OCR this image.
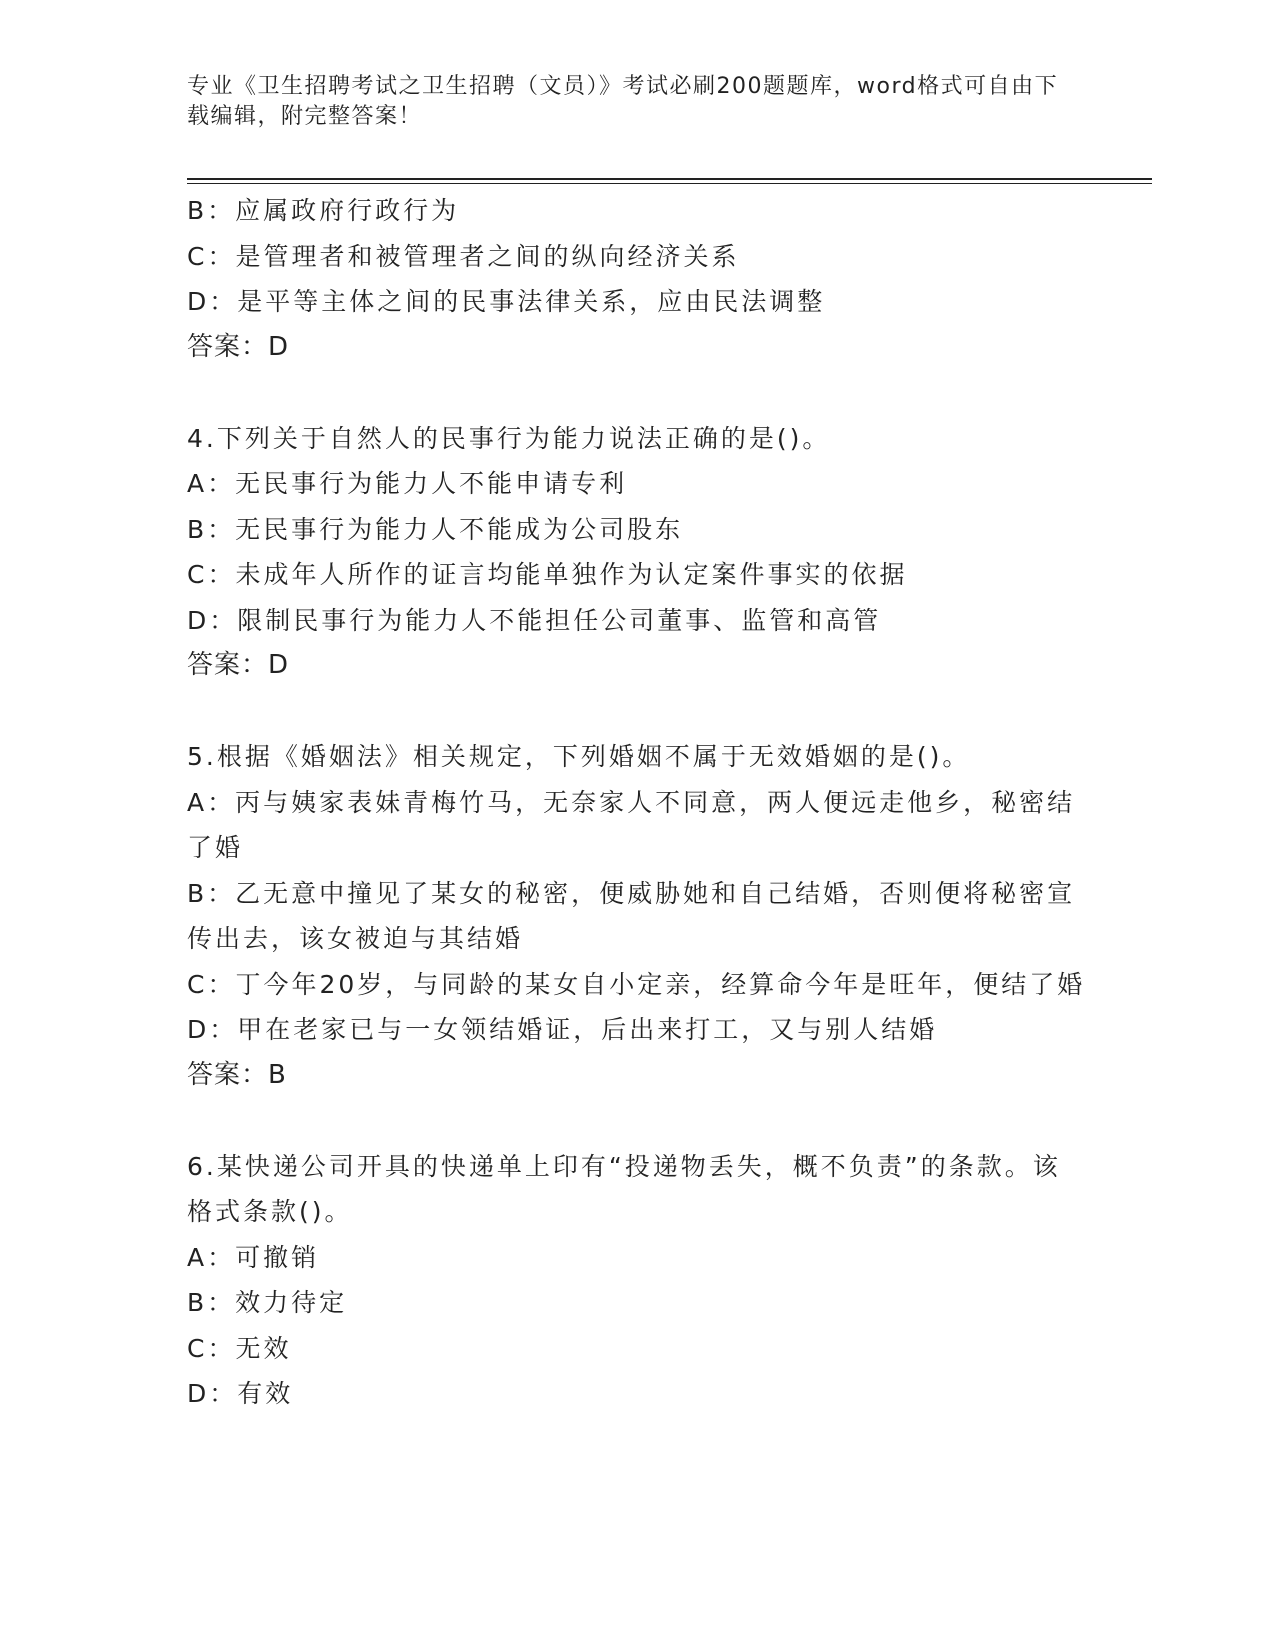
专业《卫生招聘考试之卫生招聘（文员）》考试必刷200题题库，word格式可自由下载编辑，附完整答案！
B：应属政府行政行为
C：是管理者和被管理者之间的纵向经济关系
D：是平等主体之间的民事法律关系，应由民法调整
答案：D
4.下列关于自然人的民事行为能力说法正确的是()。
A：无民事行为能力人不能申请专利
B：无民事行为能力人不能成为公司股东
C：未成年人所作的证言均能单独作为认定案件事实的依据
D：限制民事行为能力人不能担任公司董事、监管和高管
答案：D
5.根据《婚姻法》相关规定，下列婚姻不属于无效婚姻的是()。
A：丙与姨家表妹青梅竹马，无奈家人不同意，两人便远走他乡，秘密结了婚
B：乙无意中撞见了某女的秘密，便威胁她和自己结婚，否则便将秘密宣传出去，该女被迫与其结婚
C：丁今年20岁，与同龄的某女自小定亲，经算命今年是旺年，便结了婚
D：甲在老家已与一女领结婚证，后出来打工，又与别人结婚
答案：B
6.某快递公司开具的快递单上印有“投递物丢失，概不负责”的条款。该格式条款()。
A：可撤销
B：效力待定
C：无效
D：有效
